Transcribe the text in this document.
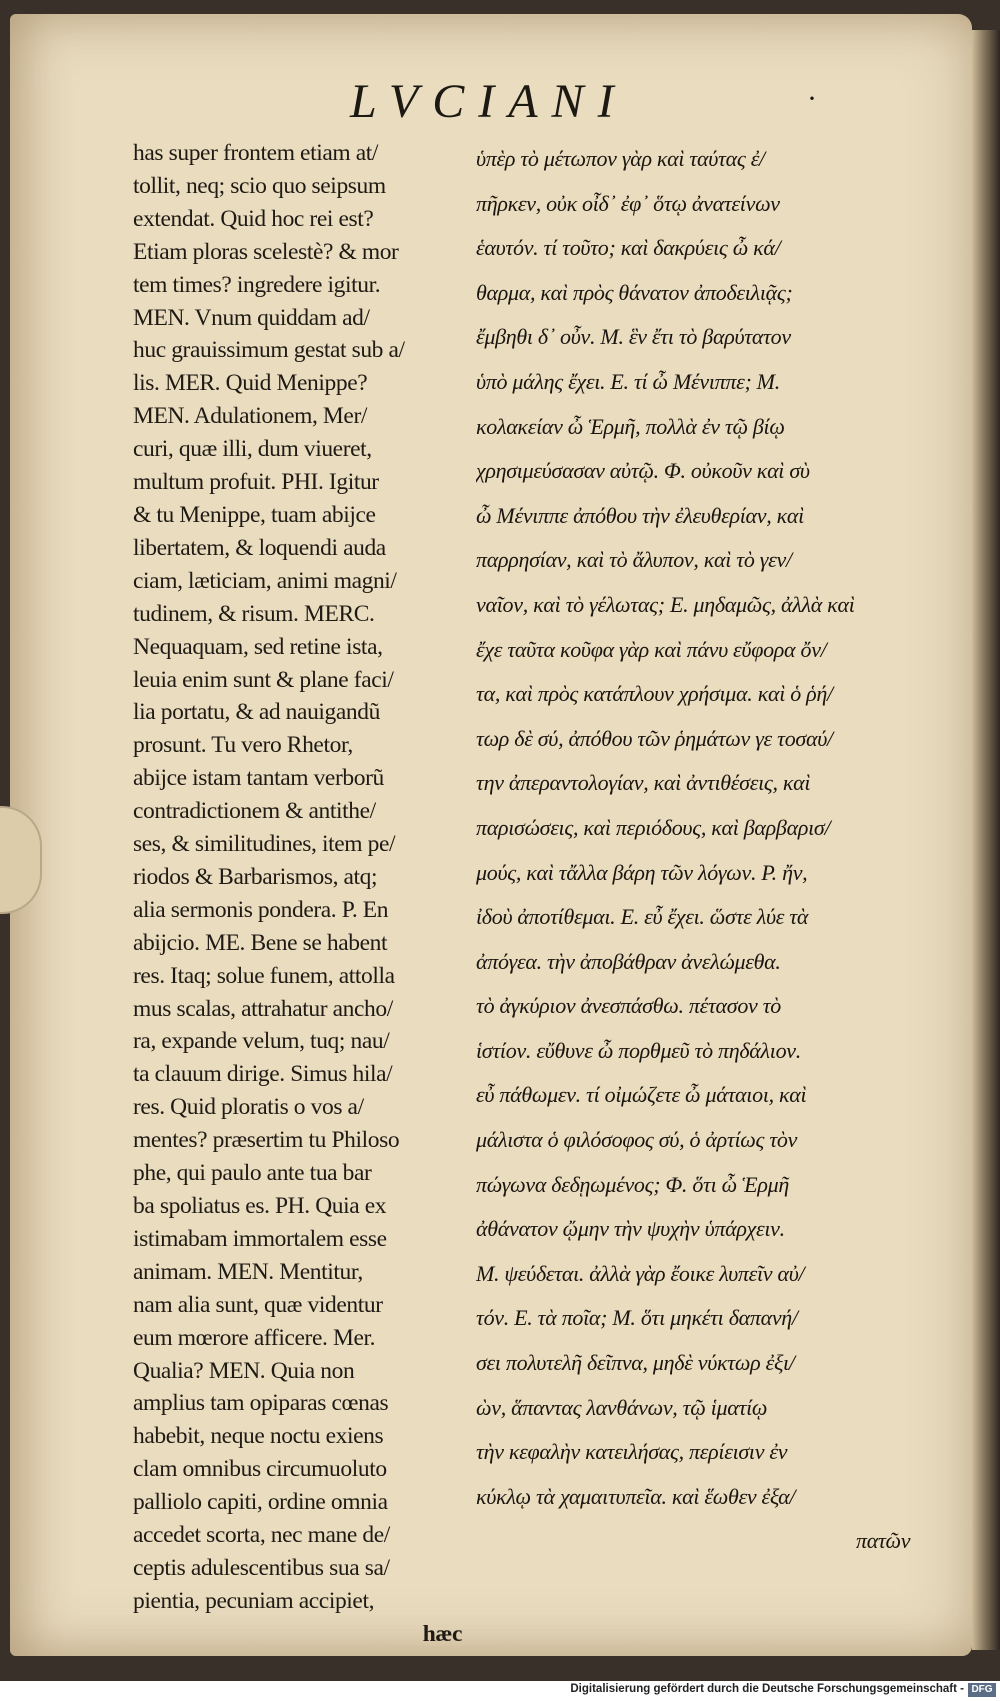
LVCIANI	·
has super frontem etiam at/
tollit, neq; scio quo seipsum
extendat. Quid hoc rei est?
Etiam ploras scelestè? & mor
tem times? ingredere igitur.
MEN. Vnum quiddam ad/
huc grauissimum gestat sub a/
lis. MER. Quid Menippe?
MEN. Adulationem, Mer/
curi, quæ illi, dum viueret,
multum profuit. PHI. Igitur
& tu Menippe, tuam abijce
libertatem, & loquendi auda
ciam, læticiam, animi magni/
tudinem, & risum. MERC.
Nequaquam, sed retine ista,
leuia enim sunt & plane faci/
lia portatu, & ad nauigandũ
prosunt. Tu vero Rhetor,
abijce istam tantam verborũ
contradictionem & antithe/
ses, & similitudines, item pe/
riodos & Barbarismos, atq;
alia sermonis pondera. P. En
abijcio. ME. Bene se habent
res. Itaq; solue funem, attolla
mus scalas, attrahatur ancho/
ra, expande velum, tuq; nau/
ta clauum dirige. Simus hila/
res. Quid ploratis o vos a/
mentes? præsertim tu Philoso
phe, qui paulo ante tua bar
ba spoliatus es. PH. Quia ex
istimabam immortalem esse
animam. MEN. Mentitur,
nam alia sunt, quæ videntur
eum mœrore afficere. Mer.
Qualia? MEN. Quia non
amplius tam opiparas cœnas
habebit, neque noctu exiens
clam omnibus circumuoluto
palliolo capiti, ordine omnia
accedet scorta, nec mane de/
ceptis adulescentibus sua sa/
pientia, pecuniam accipiet,
hæc
ὑπὲρ τὸ μέτωπον γὰρ καὶ ταύτας ἐ/
πῆρκεν, οὐκ οἶδ᾽ ἐφ᾽ ὅτῳ ἀνατείνων
ἑαυτόν. τί τοῦτο; καὶ δακρύεις ὦ κά/
θαρμα, καὶ πρὸς θάνατον ἀποδειλιᾷς;
ἔμβηθι δ᾽ οὖν. Μ. ἓν ἔτι τὸ βαρύτατον
ὑπὸ μάλης ἔχει. Ε. τί ὦ Μένιππε; Μ.
κολακείαν ὦ Ἑρμῆ, πολλὰ ἐν τῷ βίῳ
χρησιμεύσασαν αὐτῷ. Φ. οὐκοῦν καὶ σὺ
ὦ Μένιππε ἀπόθου τὴν ἐλευθερίαν, καὶ
παρρησίαν, καὶ τὸ ἄλυπον, καὶ τὸ γεν/
ναῖον, καὶ τὸ γέλωτας; Ε. μηδαμῶς, ἀλλὰ καὶ
ἔχε ταῦτα κοῦφα γὰρ καὶ πάνυ εὔφορα ὄν/
τα, καὶ πρὸς κατάπλουν χρήσιμα. καὶ ὁ ῥή/
τωρ δὲ σύ, ἀπόθου τῶν ῥημάτων γε τοσαύ/
την ἀπεραντολογίαν, καὶ ἀντιθέσεις, καὶ
παρισώσεις, καὶ περιόδους, καὶ βαρβαρισ/
μούς, καὶ τἄλλα βάρη τῶν λόγων. Ρ. ἤν,
ἰδοὺ ἀποτίθεμαι. Ε. εὖ ἔχει. ὥστε λύε τὰ
ἀπόγεα. τὴν ἀποβάθραν ἀνελώμεθα.
τὸ ἀγκύριον ἀνεσπάσθω. πέτασον τὸ
ἱστίον. εὔθυνε ὦ πορθμεῦ τὸ πηδάλιον.
εὖ πάθωμεν. τί οἰμώζετε ὦ μάταιοι, καὶ
μάλιστα ὁ φιλόσοφος σύ, ὁ ἀρτίως τὸν
πώγωνα δεδῃωμένος; Φ. ὅτι ὦ Ἑρμῆ
ἀθάνατον ᾤμην τὴν ψυχὴν ὑπάρχειν.
Μ. ψεύδεται. ἀλλὰ γὰρ ἔοικε λυπεῖν αὐ/
τόν. Ε. τὰ ποῖα; Μ. ὅτι μηκέτι δαπανή/
σει πολυτελῆ δεῖπνα, μηδὲ νύκτωρ ἐξι/
ὼν, ἅπαντας λανθάνων, τῷ ἱματίῳ
τὴν κεφαλὴν κατειλήσας, περίεισιν ἐν
κύκλῳ τὰ χαμαιτυπεῖα. καὶ ἕωθεν ἐξα/
πατῶν
Digitalisierung gefördert durch die Deutsche Forschungsgemeinschaft - DFG
